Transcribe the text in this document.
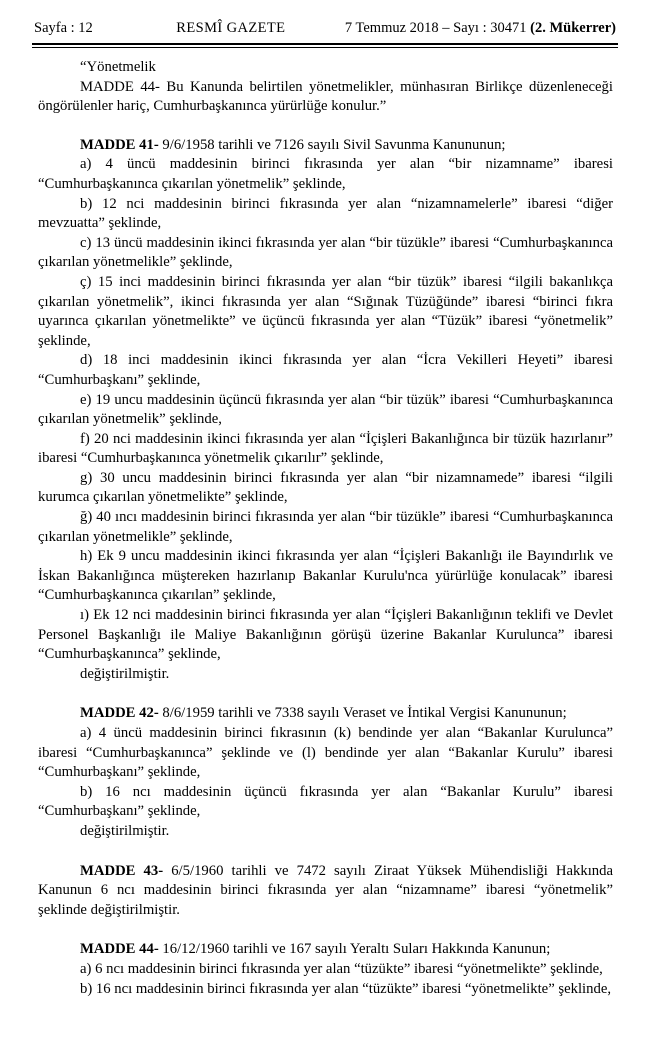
Sayfa : 12	RESMÎ GAZETE	7 Temmuz 2018 – Sayı : 30471 (2. Mükerrer)

“Yönetmelik

MADDE 44- Bu Kanunda belirtilen yönetmelikler, münhasıran Birlikçe düzenleneceği öngörülenler hariç, Cumhurbaşkanınca yürürlüğe konulur.”

MADDE 41- 9/6/1958 tarihli ve 7126 sayılı Sivil Savunma Kanununun;

a) 4 üncü maddesinin birinci fıkrasında yer alan “bir nizamname” ibaresi “Cumhurbaşkanınca çıkarılan yönetmelik” şeklinde,

b) 12 nci maddesinin birinci fıkrasında yer alan “nizamnamelerle” ibaresi “diğer mevzuatta” şeklinde,

c) 13 üncü maddesinin ikinci fıkrasında yer alan “bir tüzükle” ibaresi “Cumhurbaşkanınca çıkarılan yönetmelikle” şeklinde,

ç) 15 inci maddesinin birinci fıkrasında yer alan “bir tüzük” ibaresi “ilgili bakanlıkça çıkarılan yönetmelik”, ikinci fıkrasında yer alan “Sığınak Tüzüğünde” ibaresi “birinci fıkra uyarınca çıkarılan yönetmelikte” ve üçüncü fıkrasında yer alan “Tüzük” ibaresi “yönetmelik” şeklinde,

d) 18 inci maddesinin ikinci fıkrasında yer alan “İcra Vekilleri Heyeti” ibaresi “Cumhurbaşkanı” şeklinde,

e) 19 uncu maddesinin üçüncü fıkrasında yer alan “bir tüzük” ibaresi “Cumhurbaşkanınca çıkarılan yönetmelik” şeklinde,

f) 20 nci maddesinin ikinci fıkrasında yer alan “İçişleri Bakanlığınca bir tüzük hazırlanır” ibaresi “Cumhurbaşkanınca yönetmelik çıkarılır” şeklinde,

g) 30 uncu maddesinin birinci fıkrasında yer alan “bir nizamnamede” ibaresi “ilgili kurumca çıkarılan yönetmelikte” şeklinde,

ğ) 40 ıncı maddesinin birinci fıkrasında yer alan “bir tüzükle” ibaresi “Cumhurbaşkanınca çıkarılan yönetmelikle” şeklinde,

h) Ek 9 uncu maddesinin ikinci fıkrasında yer alan “İçişleri Bakanlığı ile Bayındırlık ve İskan Bakanlığınca müştereken hazırlanıp Bakanlar Kurulu'nca yürürlüğe konulacak” ibaresi “Cumhurbaşkanınca çıkarılan” şeklinde,

ı) Ek 12 nci maddesinin birinci fıkrasında yer alan “İçişleri Bakanlığının teklifi ve Devlet Personel Başkanlığı ile Maliye Bakanlığının görüşü üzerine Bakanlar Kurulunca” ibaresi “Cumhurbaşkanınca” şeklinde,

değiştirilmiştir.

MADDE 42- 8/6/1959 tarihli ve 7338 sayılı Veraset ve İntikal Vergisi Kanununun;

a) 4 üncü maddesinin birinci fıkrasının (k) bendinde yer alan “Bakanlar Kurulunca” ibaresi “Cumhurbaşkanınca” şeklinde ve (l) bendinde yer alan “Bakanlar Kurulu” ibaresi “Cumhurbaşkanı” şeklinde,

b) 16 ncı maddesinin üçüncü fıkrasında yer alan “Bakanlar Kurulu” ibaresi “Cumhurbaşkanı” şeklinde,

değiştirilmiştir.

MADDE 43- 6/5/1960 tarihli ve 7472 sayılı Ziraat Yüksek Mühendisliği Hakkında Kanunun 6 ncı maddesinin birinci fıkrasında yer alan “nizamname” ibaresi “yönetmelik” şeklinde değiştirilmiştir.

MADDE 44- 16/12/1960 tarihli ve 167 sayılı Yeraltı Suları Hakkında Kanunun;

a) 6 ncı maddesinin birinci fıkrasında yer alan “tüzükte” ibaresi “yönetmelikte” şeklinde,

b) 16 ncı maddesinin birinci fıkrasında yer alan “tüzükte” ibaresi “yönetmelikte” şeklinde,
